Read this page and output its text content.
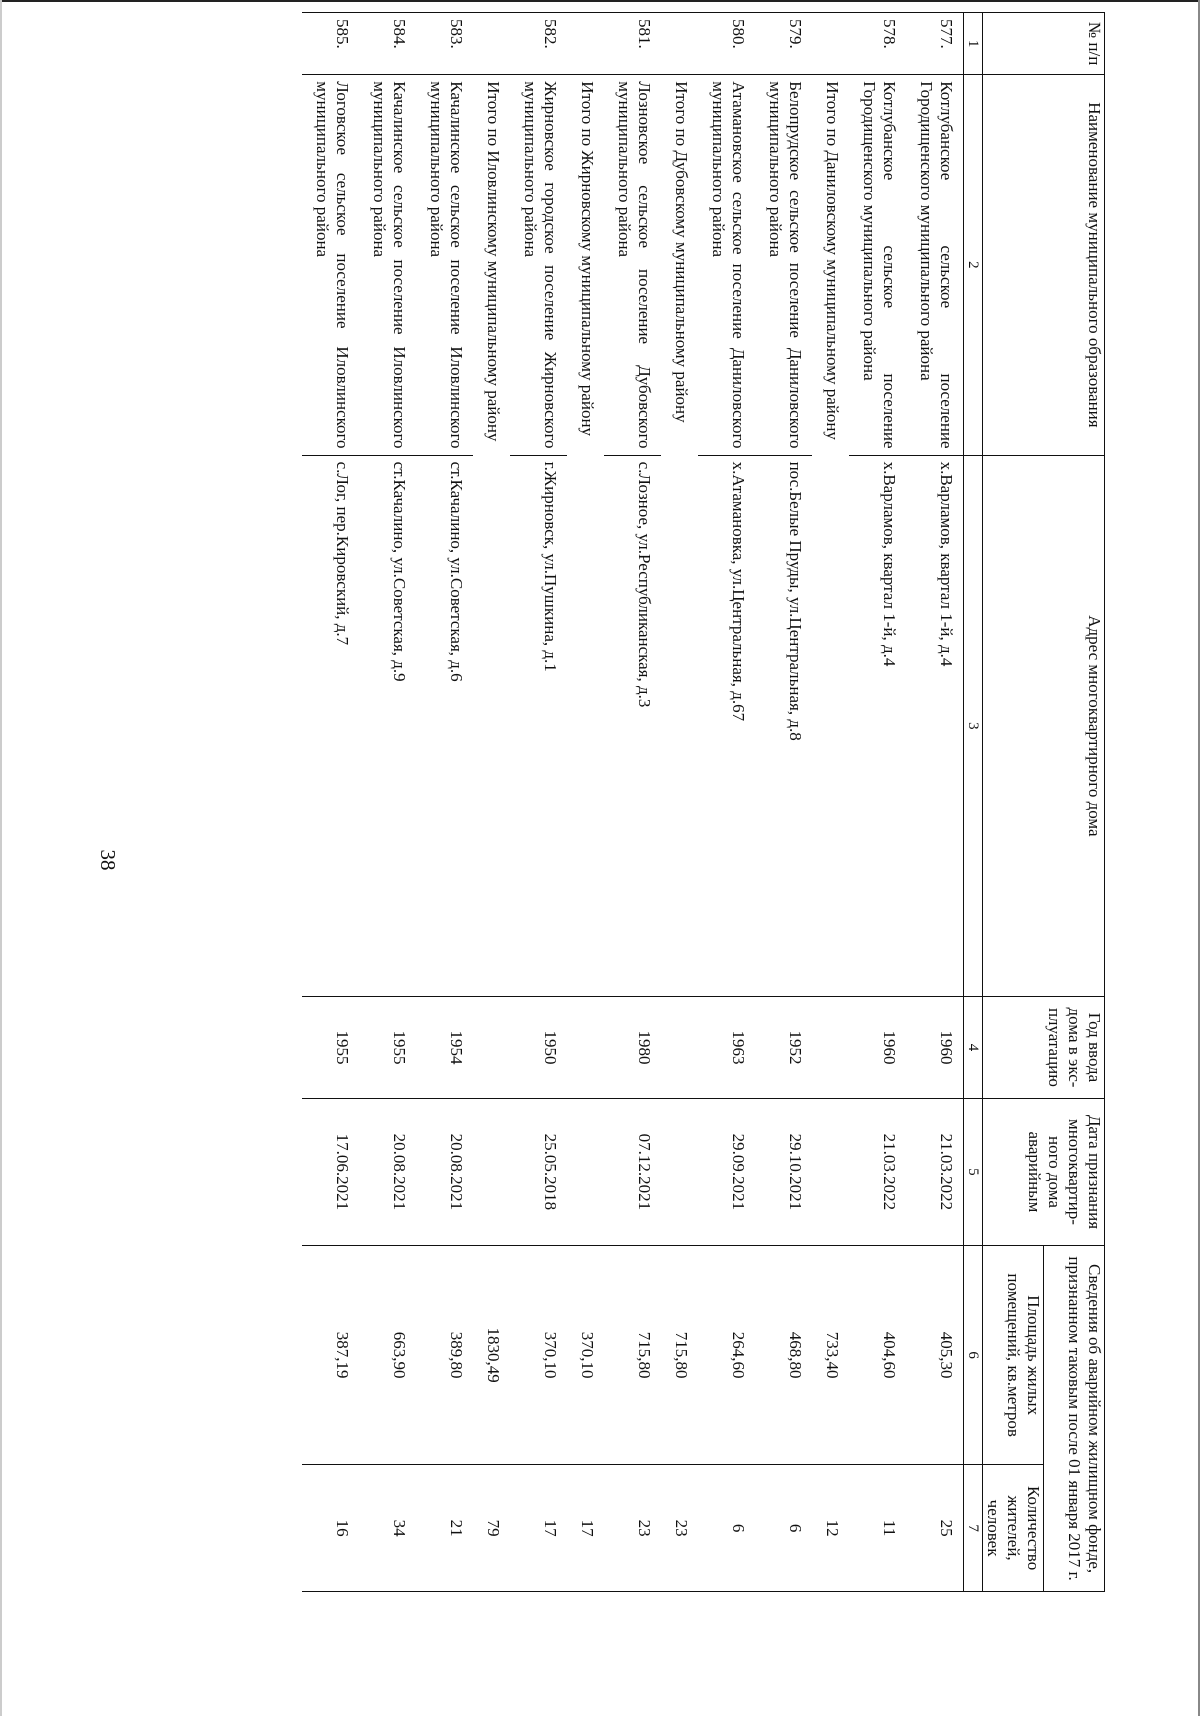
38
№ п/п	Наименование муниципального образования	Адрес многоквартирного дома	Год ввода дома в экс-плуатацию	Дата признания многоквартир-ного дома аварийным	Сведения об аварийном жилищном фонде, признанном таковым после 01 января 2017 г.	
					Площадь жилых помещений, кв.метров	Количество жителей, человек
1	2	3	4	5	6	7
577.	Котлубанское сельское поселение Городищенского муниципального района	х.Варламов, квартал 1-й, д.4	1960	21.03.2022	405,30	25
578.	Котлубанское сельское поселение Городищенского муниципального района	х.Варламов, квартал 1-й, д.4	1960	21.03.2022	404,60	11
	Итого по Даниловскому муниципальному району				733,40	12
579.	Белопрудское сельское поселение Даниловского муниципального района	пос.Белые Пруды, ул.Центральная, д.8	1952	29.10.2021	468,80	6
580.	Атамановское сельское поселение Даниловского муниципального района	х.Атамановка, ул.Центральная, д.67	1963	29.09.2021	264,60	6
	Итого по Дубовскому муниципальному району				715,80	23
581.	Лозновское сельское поселение Дубовского муниципального района	с.Лозное, ул.Республиканская, д.3	1980	07.12.2021	715,80	23
	Итого по Жирновскому муниципальному району				370,10	17
582.	Жирновское городское поселение Жирновского муниципального района	г.Жирновск, ул.Пушкина, д.1	1950	25.05.2018	370,10	17
	Итого по Иловлинскому муниципальному району				1830,49	79
583.	Качалинское сельское поселение Иловлинского муниципального района	ст.Качалино, ул.Советская, д.6	1954	20.08.2021	389,80	21
584.	Качалинское сельское поселение Иловлинского муниципального района	ст.Качалино, ул.Советская, д.9	1955	20.08.2021	663,90	34
585.	Логовское сельское поселение Иловлинского муниципального района	с.Лог, пер.Кировский, д.7	1955	17.06.2021	387,19	16
